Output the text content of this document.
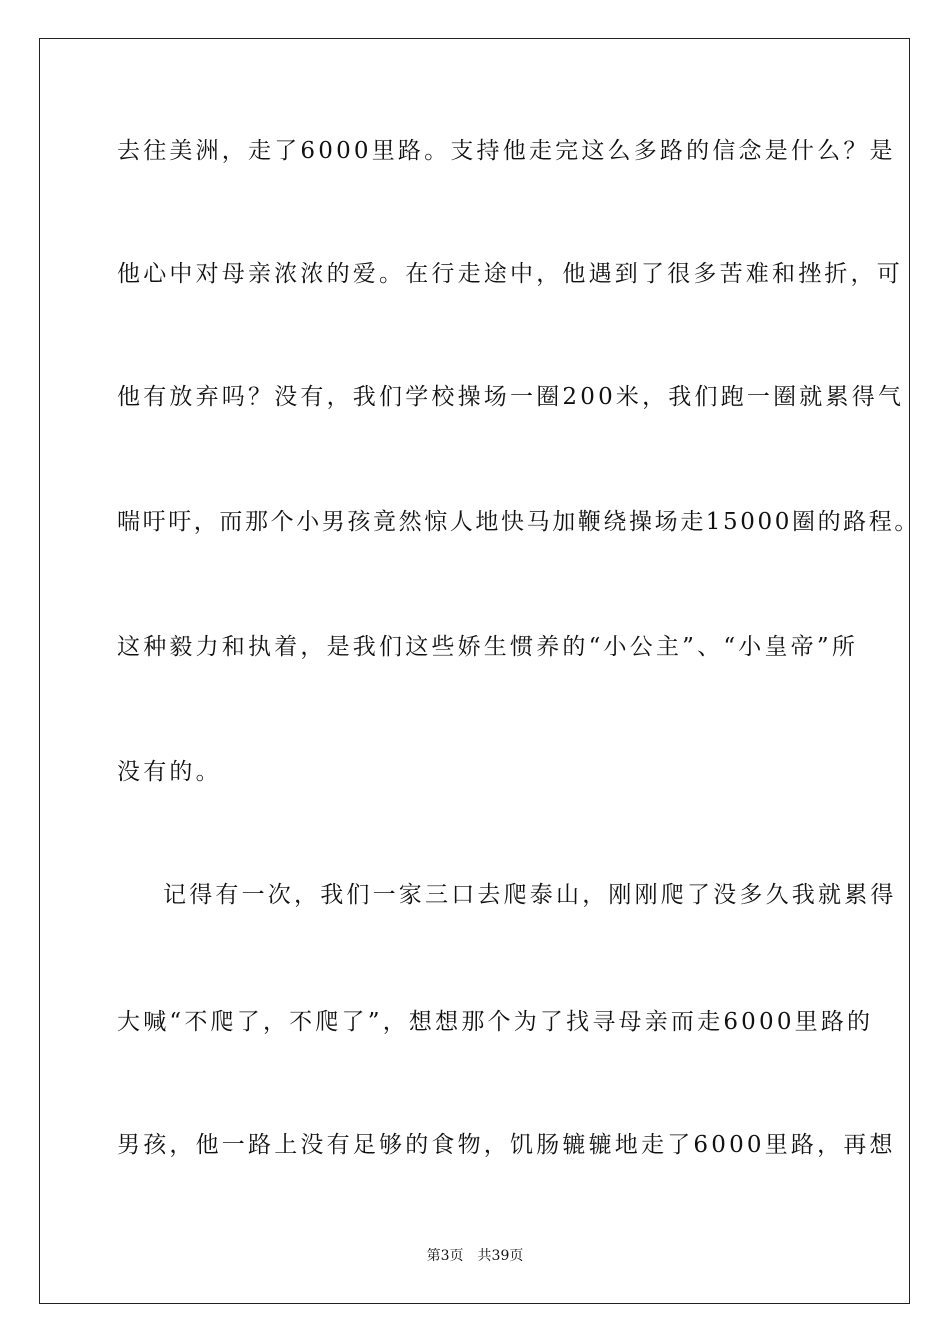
去往美洲，走了6000里路。支持他走完这么多路的信念是什么？是
他心中对母亲浓浓的爱。在行走途中，他遇到了很多苦难和挫折，可
他有放弃吗？没有，我们学校操场一圈200米，我们跑一圈就累得气
喘吁吁，而那个小男孩竟然惊人地快马加鞭绕操场走15000圈的路程。
这种毅力和执着，是我们这些娇生惯养的“小公主”、“小皇帝”所
没有的。
记得有一次，我们一家三口去爬泰山，刚刚爬了没多久我就累得
大喊“不爬了，不爬了”，想想那个为了找寻母亲而走6000里路的
男孩，他一路上没有足够的食物，饥肠辘辘地走了6000里路，再想
第3页 共39页
